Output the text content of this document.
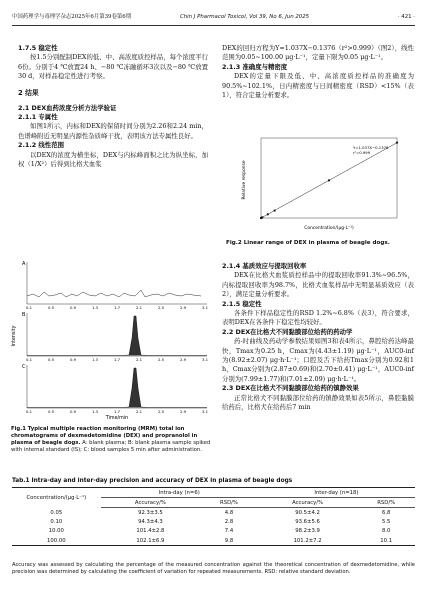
中国药理学与毒理学杂志2025年6月第39卷第6期	Chin J Pharmacol Toxicol, Vol 39, No 6, Jun 2025	· 421 ·

1.7.5 稳定性

按1.5分别配制DEX的低、中、高浓度质控样品，每个浓度平行6份。分别于4 ℃放置24 h、−80 ℃冻融循环3次以及−80 ℃放置30 d，对样品稳定性进行考察。

2 结果

2.1 DEX血药浓度分析方法学验证

2.1.1 专属性

如图1所示，内标和DEX的保留时间分别为2.26和2.24 min，色谱峰附近无明显内源性杂质峰干扰，表明该方法专属性良好。

2.1.2 线性范围

以DEX的浓度为横坐标，DEX与内标峰面积之比为纵坐标，加权（1/X²）后得到比格犬血浆

Intensity
A
0.1	0.5	0.9	1.3	1.7	2.1	2.5	2.9	3.1
B
0.1	0.5	0.9	1.3	1.7	2.1	2.5	2.9	3.1
C
0.1	0.5	0.9	1.3	1.7	2.1	2.5	2.9	3.1
Time/min
Fig.1 Typical multiple reaction monitoring (MRM) total ion chromatograms of dexmedetomidine (DEX) and propranolol in plasma of beagle dogs. A: blank plasma; B: blank plasma sample spiked with internal standard (IS); C: blood samples 5 min after administration.

DEX的回归方程为Y=1.037X−0.1376（r²>0.999）（图2），线性范围为0.05~100.00 μg·L⁻¹，定量下限为0.05 μg·L⁻¹。

2.1.3 准确度与精密度

DEX的定量下限及低、中、高浓度质控样品的准确度为90.5%~102.1%，日内精密度与日间精密度（RSD）<15%（表1），符合定量分析要求。

Relative response
Concentration/(μg·L⁻¹)
Y=1.037X−0.1376
r²=0.999
Fig.2 Linear range of DEX in plasma of beagle dogs.

2.1.4 基质效应与提取回收率

DEX在比格犬血浆质控样品中的提取回收率91.3%~96.5%，内标提取回收率为98.7%，比格犬血浆样品中无明显基质效应（表2），满足定量分析要求。

2.1.5 稳定性

各条件下样品稳定性的RSD 1.2%~6.8%（表3），符合要求，表明DEX在各条件下稳定性均较好。

2.2 DEX在比格犬不同黏膜部位给药的药动学

药-时曲线及药动学参数结果如图3和表4所示，鼻腔给药达峰最快，Tmax为0.25 h，Cmax为(4.43±1.19) μg·L⁻¹，AUC0-inf为(8.92±2.07) μg·h·L⁻¹；口腔及舌下给药Tmax分别为0.92和1 h，Cmax分别为(2.87±0.69)和(2.70±0.41) μg·L⁻¹，AUC0-inf分别为(7.99±1.77)和(7.01±2.09) μg·h·L⁻¹。

2.3 DEX在比格犬不同黏膜部位给药的镇静效果

正常比格犬不同黏膜部位给药的镇静效果如表5所示，鼻腔黏膜给药后，比格犬在给药后7 min

Tab.1 Intra-day and inter-day precision and accuracy of DEX in plasma of beagle dogs
Concentration/(μg·L⁻¹)	Intra-day (n=6)		Inter-day (n=18)	
	Accuracy/%	RSD/%	Accuracy/%	RSD/%
0.05	92.3±3.5	4.8	90.5±4.2	6.8
0.10	94.3±4.3	2.8	93.6±5.6	5.5
10.00	101.4±2.8	7.4	98.2±3.9	8.0
100.00	102.1±6.9	9.8	101.2±7.2	10.1
Accuracy was assessed by calculating the percentage of the measured concentration against the theoretical concentration of dexmedetomidine, while precision was determined by calculating the coefficient of variation for repeated measurements. RSD: relative standard deviation.
